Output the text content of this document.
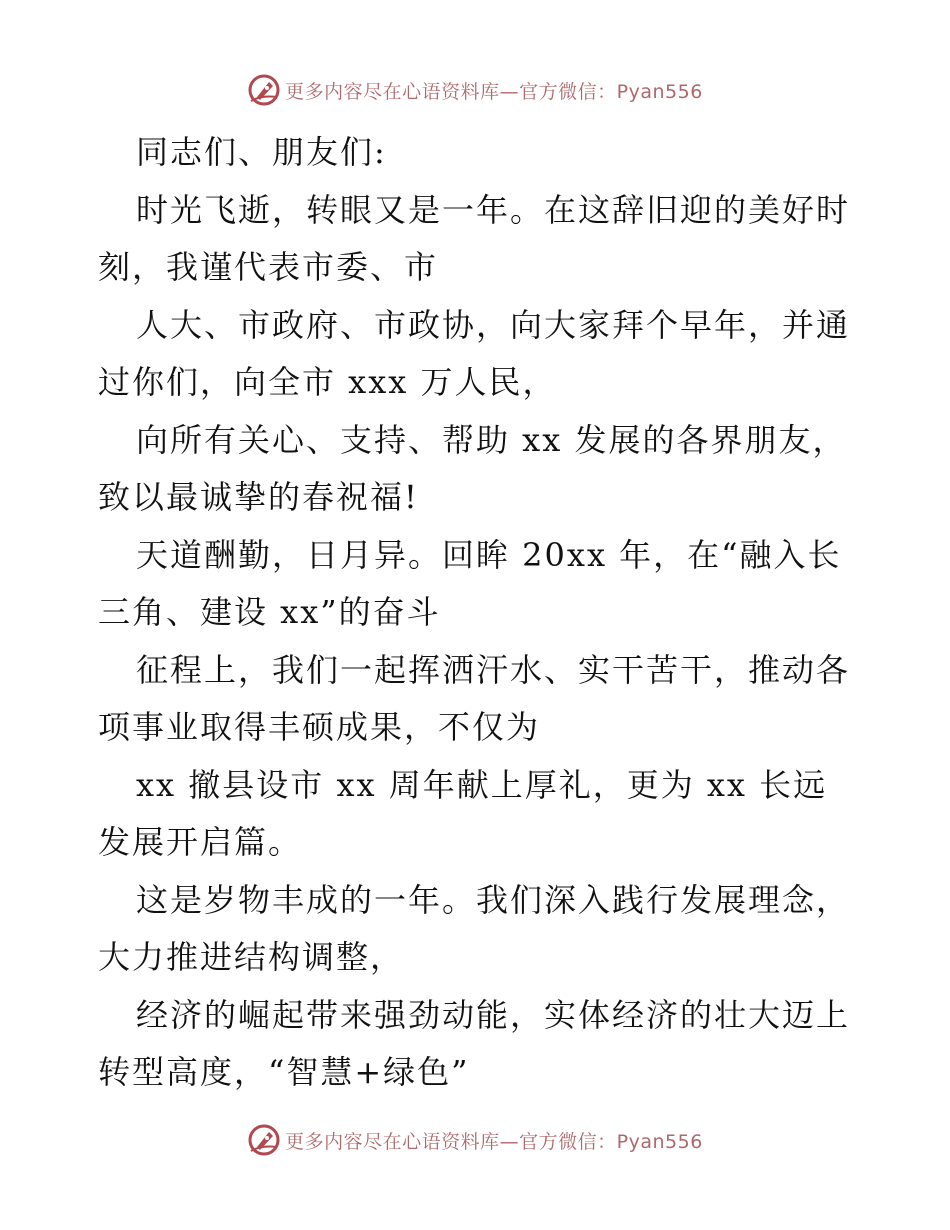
更多内容尽在心语资料库—官方微信：Pyan556
同志们、朋友们:
时光飞逝，转眼又是一年。在这辞旧迎的美好时
刻，我谨代表市委、市
人大、市政府、市政协，向大家拜个早年，并通
过你们，向全市 xxx 万人民，
向所有关心、支持、帮助 xx 发展的各界朋友，
致以最诚挚的春祝福!
天道酬勤，日月异。回眸 20xx 年，在“融入长
三角、建设 xx”的奋斗
征程上，我们一起挥洒汗水、实干苦干，推动各
项事业取得丰硕成果，不仅为
xx 撤县设市 xx 周年献上厚礼，更为 xx 长远
发展开启篇。
这是岁物丰成的一年。我们深入践行发展理念，
大力推进结构调整，
经济的崛起带来强劲动能，实体经济的壮大迈上
转型高度，“智慧+绿色”
更多内容尽在心语资料库—官方微信：Pyan556
